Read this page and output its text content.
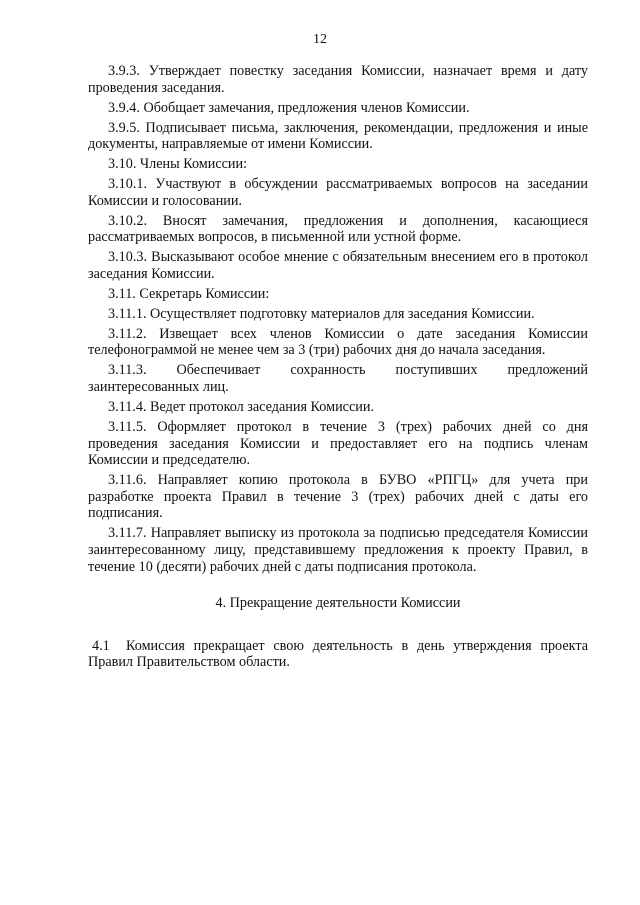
12

3.9.3. Утверждает повестку заседания Комиссии, назначает время и дату проведения заседания.

3.9.4. Обобщает замечания, предложения членов Комиссии.

3.9.5. Подписывает письма, заключения, рекомендации, предложения и иные документы, направляемые от имени Комиссии.

3.10. Члены Комиссии:

3.10.1. Участвуют в обсуждении рассматриваемых вопросов на заседании Комиссии и голосовании.

3.10.2. Вносят замечания, предложения и дополнения, касающиеся рассматриваемых вопросов, в письменной или устной форме.

3.10.3. Высказывают особое мнение с обязательным внесением его в протокол заседания Комиссии.

3.11. Секретарь Комиссии:

3.11.1. Осуществляет подготовку материалов для заседания Комиссии.

3.11.2. Извещает всех членов Комиссии о дате заседания Комиссии телефонограммой не менее чем за 3 (три) рабочих дня до начала заседания.

3.11.3. Обеспечивает сохранность поступивших предложений заинтересованных лиц.

3.11.4. Ведет протокол заседания Комиссии.

3.11.5. Оформляет протокол в течение 3 (трех) рабочих дней со дня проведения заседания Комиссии и предоставляет его на подпись членам Комиссии и председателю.

3.11.6. Направляет копию протокола в БУВО «РПГЦ» для учета при разработке проекта Правил в течение 3 (трех) рабочих дней с даты его подписания.

3.11.7. Направляет выписку из протокола за подписью председателя Комиссии заинтересованному лицу, представившему предложения к проекту Правил, в течение 10 (десяти) рабочих дней с даты подписания протокола.

4. Прекращение деятельности Комиссии

4.1 Комиссия прекращает свою деятельность в день утверждения проекта Правил Правительством области.
